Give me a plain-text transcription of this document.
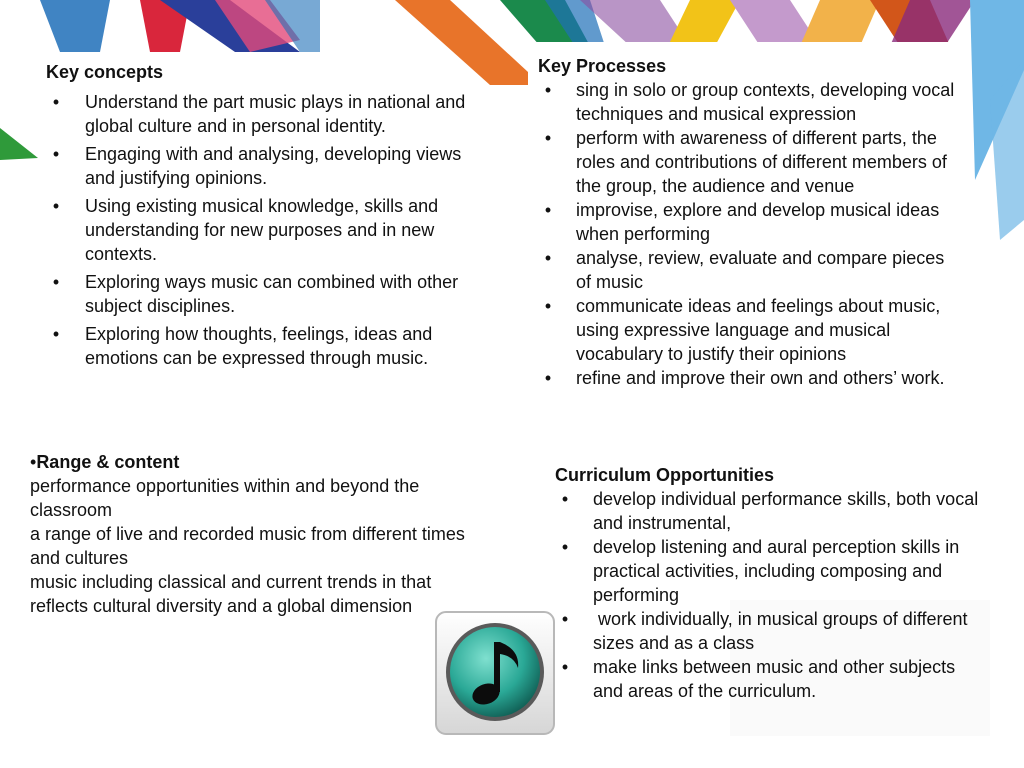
Key concepts
•	Understand the part music plays in national and global culture and in personal identity.
•	Engaging with and analysing, developing views and justifying opinions.
•	Using existing musical knowledge, skills and understanding for new purposes and in new contexts.
•	Exploring ways music can combined with other subject disciplines.
•	Exploring how thoughts, feelings, ideas and emotions can be expressed through music.
Key Processes
•	sing in solo or group contexts, developing vocal techniques and musical expression
•	perform with awareness of different parts, the roles and contributions of different members of the group, the audience and venue
•	improvise, explore and develop musical ideas when performing
•	analyse, review, evaluate and compare pieces of music
•	communicate ideas and feelings about music, using expressive language and musical vocabulary to justify their opinions
•	refine and improve their own and others’ work.
•Range & content
performance opportunities within and beyond the classroom
a range of live and recorded music from different times and cultures
music including classical and current trends in that reflects cultural diversity and a global dimension
Curriculum Opportunities
•	develop individual performance skills, both vocal and instrumental,
•	develop listening and aural perception skills in practical activities, including composing and performing
•	work individually, in musical groups of different sizes and as a class
•	make links between music and other subjects and areas of the curriculum.
